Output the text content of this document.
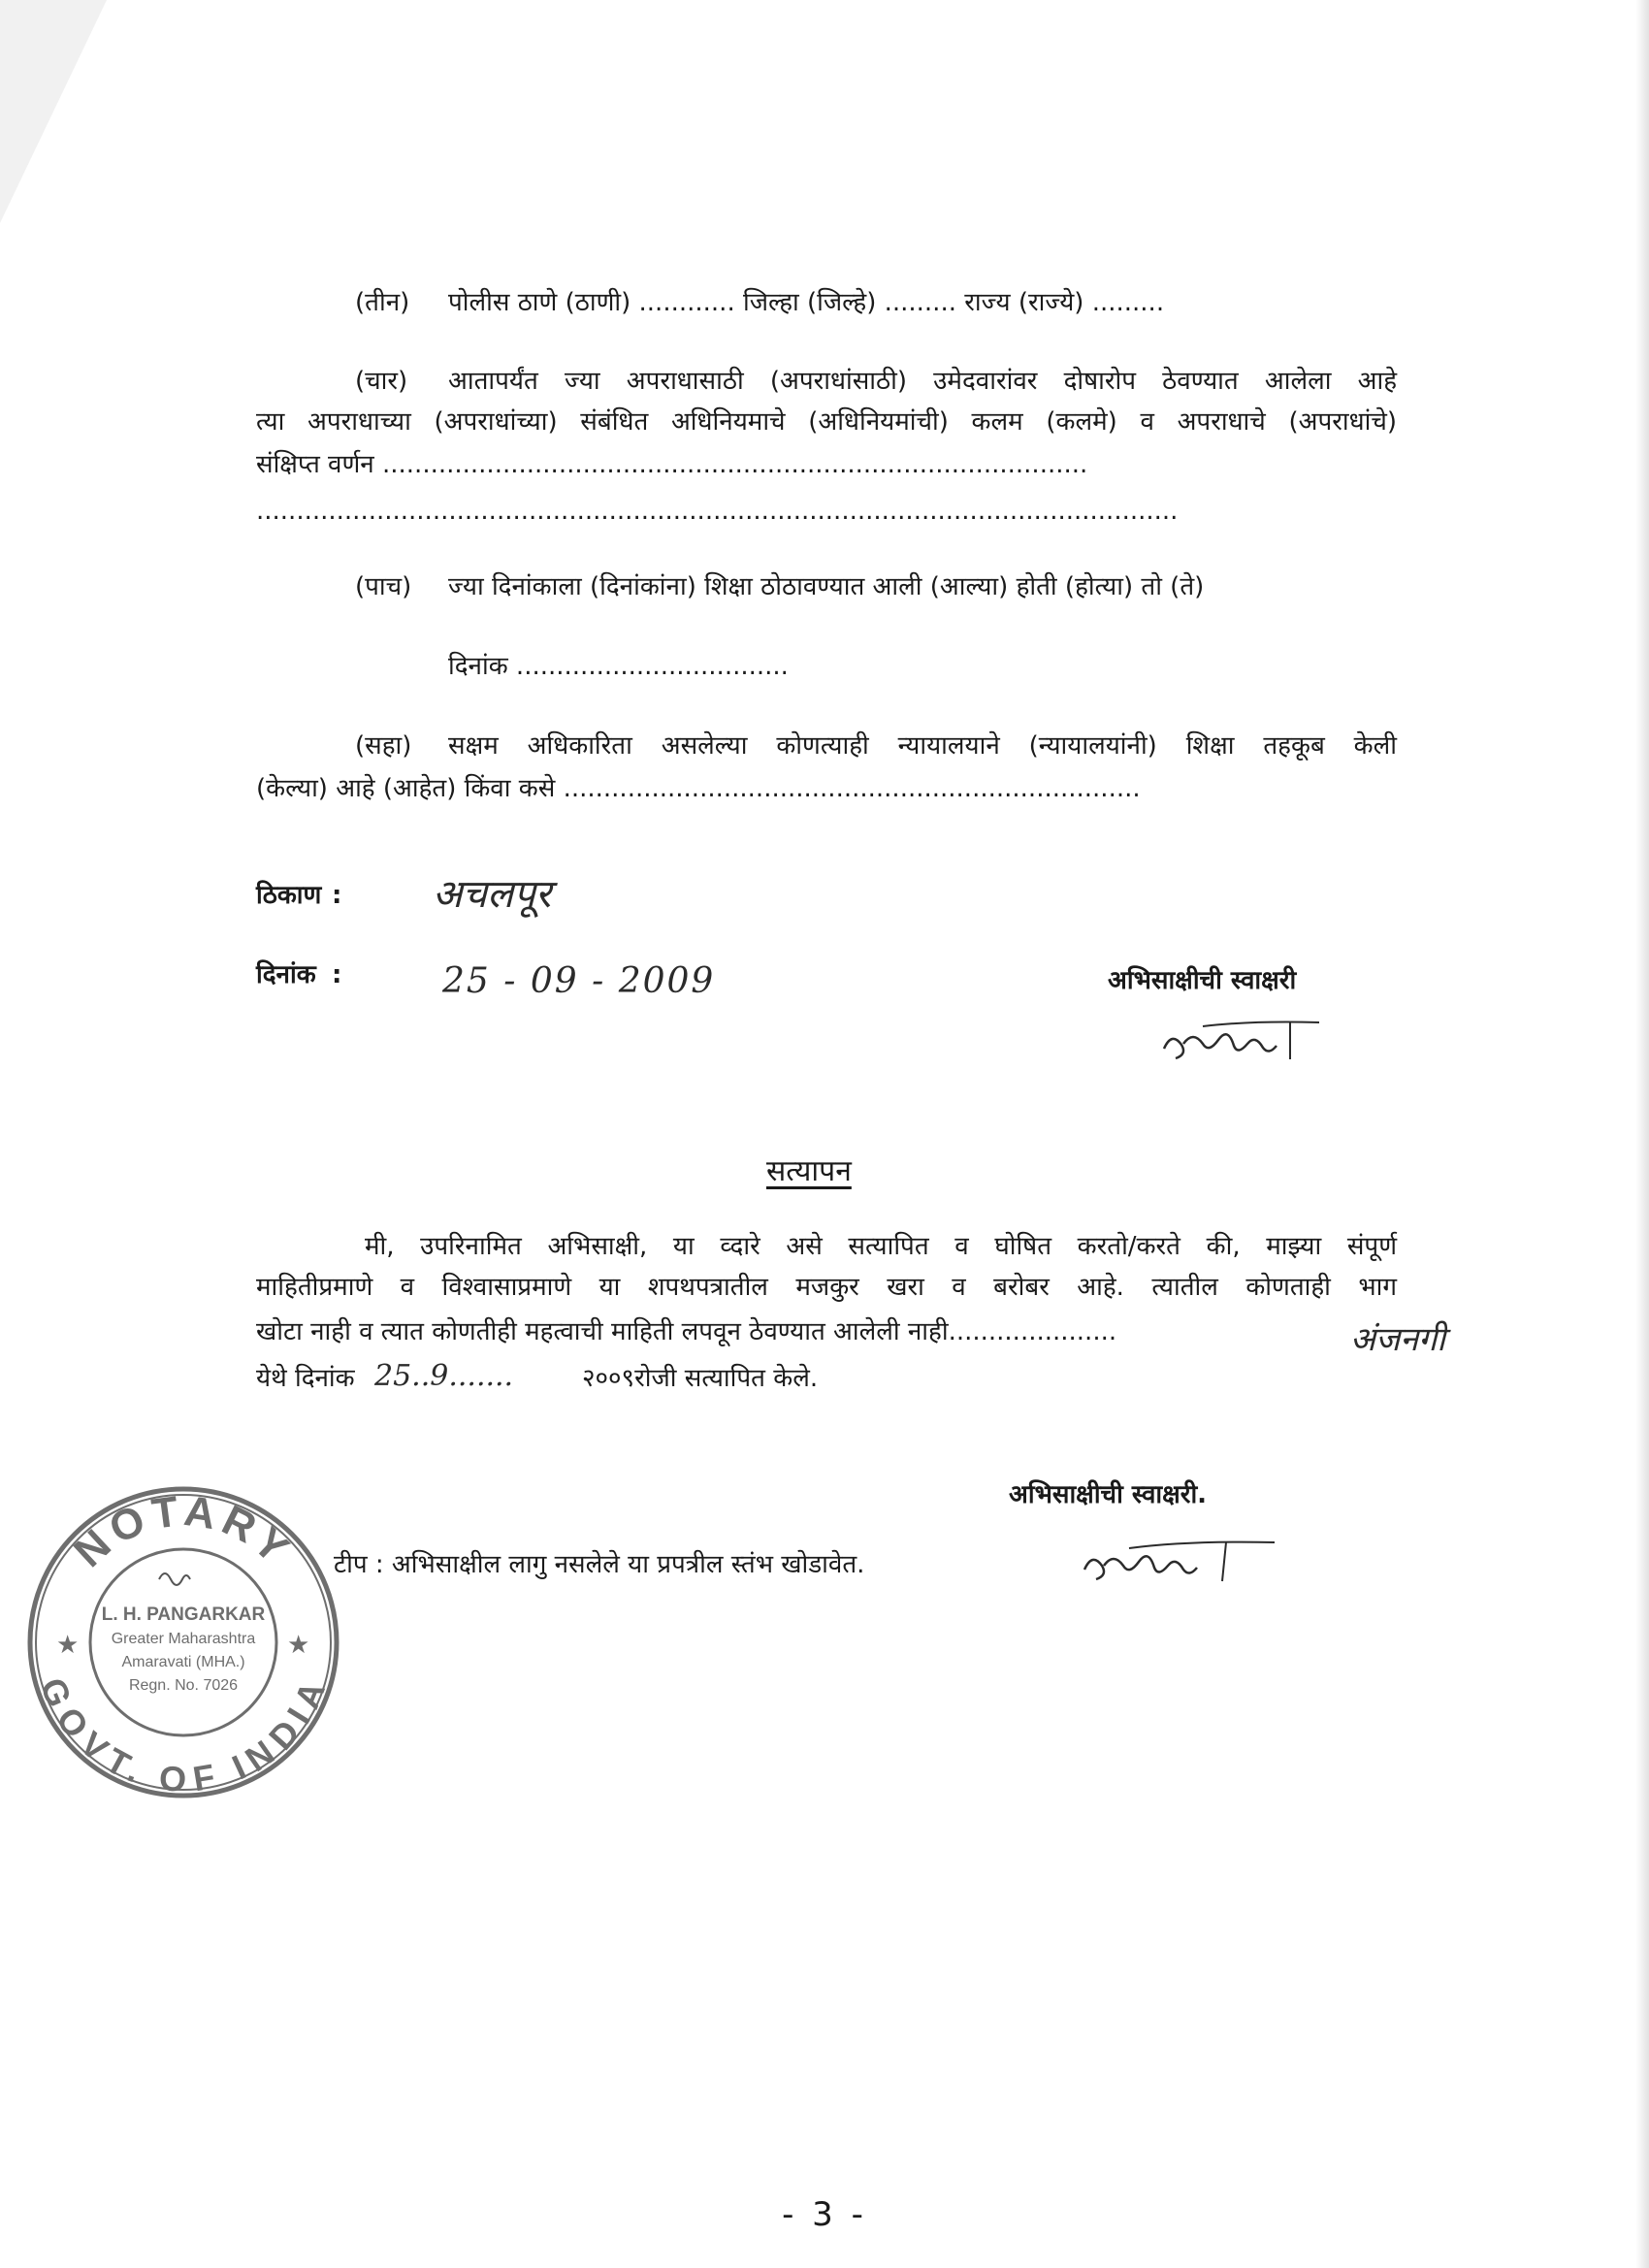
(तीन) पोलीस ठाणे (ठाणी) ............ जिल्हा (जिल्हे) ......... राज्य (राज्ये) .........
(चार) आतापर्यंत ज्या अपराधासाठी (अपराधांसाठी) उमेदवारांवर दोषारोप ठेवण्यात आलेला आहे
त्या अपराधाच्या (अपराधांच्या) संबंधित अधिनियमाचे (अधिनियमांची) कलम (कलमे) व अपराधाचे (अपराधांचे)
संक्षिप्त वर्णन ........................................................................................
...................................................................................................................
(पाच) ज्या दिनांकाला (दिनांकांना) शिक्षा ठोठावण्यात आली (आल्या) होती (होत्या) तो (ते)
दिनांक ..................................
(सहा) सक्षम अधिकारिता असलेल्या कोणत्याही न्यायालयाने (न्यायालयांनी) शिक्षा तहकूब केली
(केल्या) आहे (आहेत) किंवा कसे ........................................................................
ठिकाण : अचलपूर
दिनांक :	25 - 09 - 2009	अभिसाक्षीची स्वाक्षरी
सत्यापन
मी, उपरिनामित अभिसाक्षी, या व्दारे असे सत्यापित व घोषित करतो/करते की, माझ्या संपूर्ण
माहितीप्रमाणे व विश्वासाप्रमाणे या शपथपत्रातील मजकुर खरा व बरोबर आहे. त्यातील कोणताही भाग
खोटा नाही व त्यात कोणतीही महत्वाची माहिती लपवून ठेवण्यात आलेली नाही.....................	अंजनगी
येथे दिनांक 25..9.......	२००९रोजी सत्यापित केले.
अभिसाक्षीची स्वाक्षरी.
टीप : अभिसाक्षील लागु नसलेले या प्रपत्रील स्तंभ खोडावेत.
NOTARY
GOVT. OF INDIA
★	★
L. H. PANGARKAR
Greater Maharashtra
Amaravati (MHA.)
Regn. No. 7026
- 3 -
